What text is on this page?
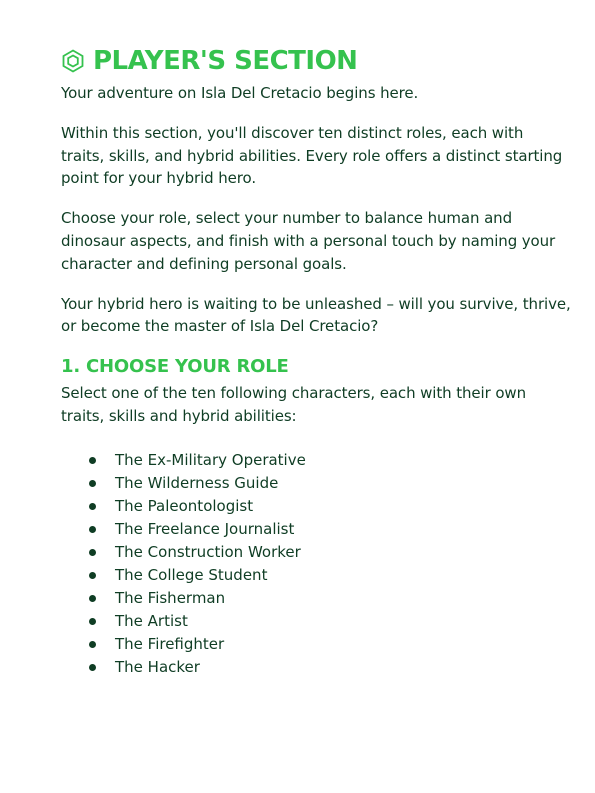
PLAYER'S SECTION

Your adventure on Isla Del Cretacio begins here.

Within this section, you'll discover ten distinct roles, each with traits, skills, and hybrid abilities. Every role offers a distinct starting point for your hybrid hero.

Choose your role, select your number to balance human and dinosaur aspects, and finish with a personal touch by naming your character and defining personal goals.

Your hybrid hero is waiting to be unleashed – will you survive, thrive, or become the master of Isla Del Cretacio?

1. CHOOSE YOUR ROLE

Select one of the ten following characters, each with their own traits, skills and hybrid abilities:

The Ex-Military Operative
The Wilderness Guide
The Paleontologist
The Freelance Journalist
The Construction Worker
The College Student
The Fisherman
The Artist
The Firefighter
The Hacker
